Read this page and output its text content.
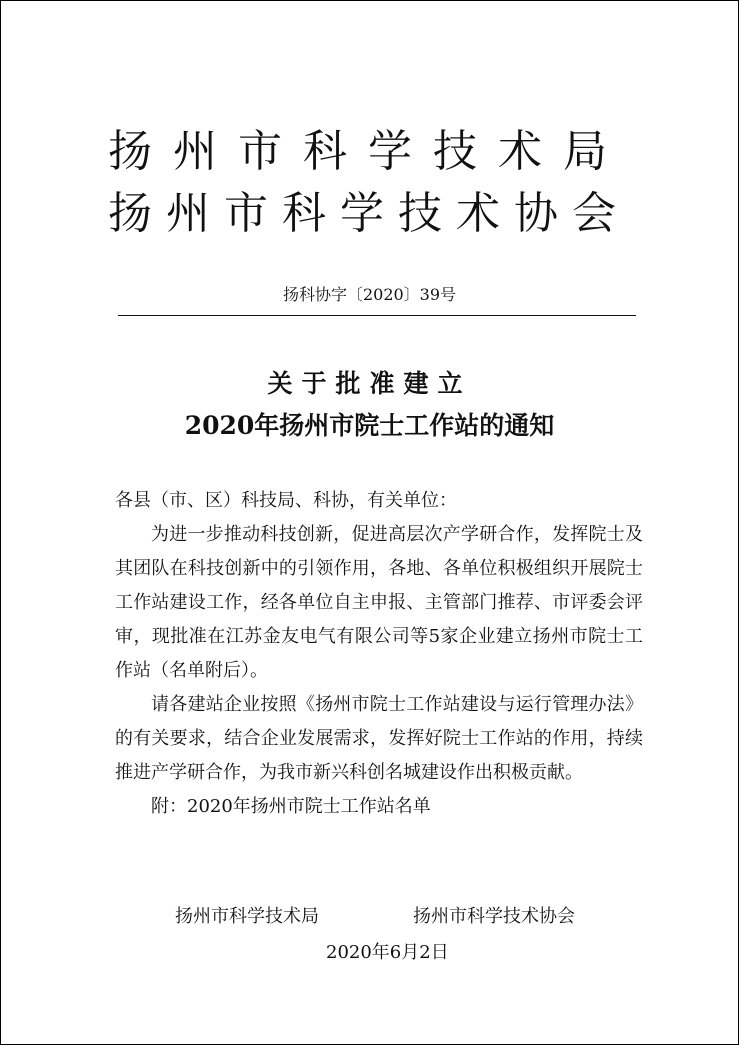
扬州市科学技术局
扬州市科学技术协会
扬科协字〔2020〕39号
关于批准建立
2020年扬州市院士工作站的通知

各县（市、区）科技局、科协，有关单位：

为进一步推动科技创新，促进高层次产学研合作，发挥院士及其团队在科技创新中的引领作用，各地、各单位积极组织开展院士工作站建设工作，经各单位自主申报、主管部门推荐、市评委会评审，现批准在江苏金友电气有限公司等5家企业建立扬州市院士工作站（名单附后）。

请各建站企业按照《扬州市院士工作站建设与运行管理办法》的有关要求，结合企业发展需求，发挥好院士工作站的作用，持续推进产学研合作，为我市新兴科创名城建设作出积极贡献。

附：2020年扬州市院士工作站名单

扬州市科学技术局	扬州市科学技术协会
2020年6月2日
